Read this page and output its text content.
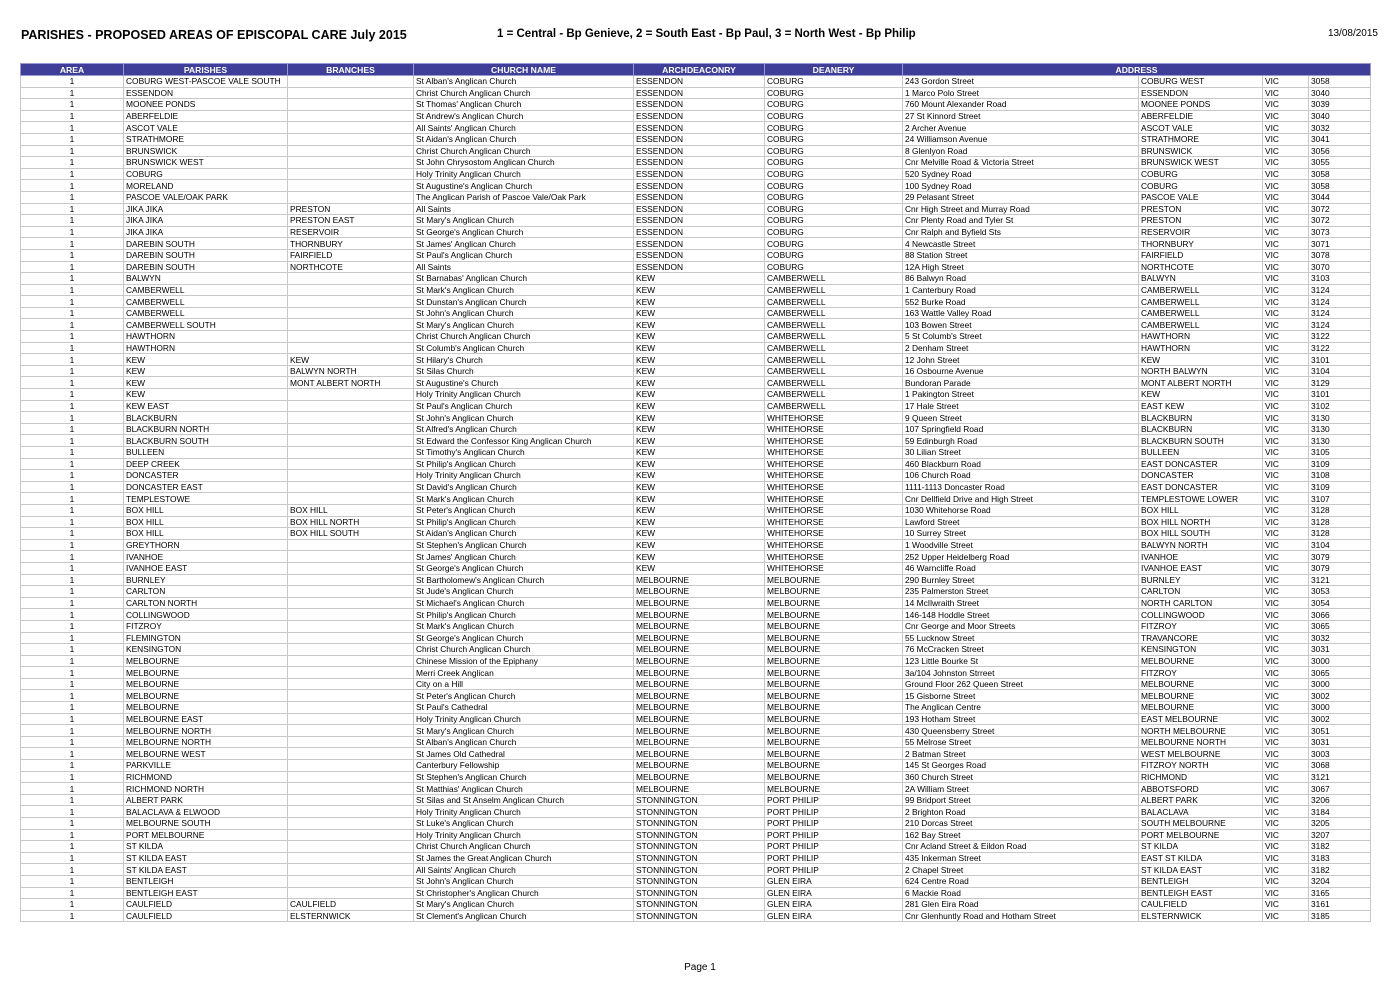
PARISHES - PROPOSED AREAS OF EPISCOPAL CARE July 2015	1 = Central - Bp Genieve, 2 = South East - Bp Paul, 3 = North West - Bp Philip	13/08/2015
AREA	PARISHES	BRANCHES	CHURCH NAME	ARCHDEACONRY	DEANERY	ADDRESS			
1	COBURG WEST-PASCOE VALE SOUTH		St Alban's Anglican Church	ESSENDON	COBURG	243 Gordon Street	COBURG WEST	VIC	3058
1	ESSENDON		Christ Church Anglican Church	ESSENDON	COBURG	1 Marco Polo Street	ESSENDON	VIC	3040
1	MOONEE PONDS		St Thomas' Anglican Church	ESSENDON	COBURG	760 Mount Alexander Road	MOONEE PONDS	VIC	3039
1	ABERFELDIE		St Andrew's Anglican Church	ESSENDON	COBURG	27 St Kinnord Street	ABERFELDIE	VIC	3040
1	ASCOT VALE		All Saints' Anglican Church	ESSENDON	COBURG	2 Archer Avenue	ASCOT VALE	VIC	3032
1	STRATHMORE		St Aidan's Anglican Church	ESSENDON	COBURG	24 Williamson Avenue	STRATHMORE	VIC	3041
1	BRUNSWICK		Christ Church Anglican Church	ESSENDON	COBURG	8 Glenlyon Road	BRUNSWICK	VIC	3056
1	BRUNSWICK WEST		St John Chrysostom Anglican Church	ESSENDON	COBURG	Cnr Melville Road & Victoria Street	BRUNSWICK WEST	VIC	3055
1	COBURG		Holy Trinity Anglican Church	ESSENDON	COBURG	520 Sydney Road	COBURG	VIC	3058
1	MORELAND		St Augustine's Anglican Church	ESSENDON	COBURG	100 Sydney Road	COBURG	VIC	3058
1	PASCOE VALE/OAK PARK		The Anglican Parish of Pascoe Vale/Oak Park	ESSENDON	COBURG	29 Pelasant Street	PASCOE VALE	VIC	3044
1	JIKA JIKA	PRESTON	All Saints	ESSENDON	COBURG	Cnr High Street and Murray Road	PRESTON	VIC	3072
1	JIKA JIKA	PRESTON EAST	St Mary's Anglican Church	ESSENDON	COBURG	Cnr Plenty Road and Tyler St	PRESTON	VIC	3072
1	JIKA JIKA	RESERVOIR	St George's Anglican Church	ESSENDON	COBURG	Cnr Ralph and Byfield Sts	RESERVOIR	VIC	3073
1	DAREBIN SOUTH	THORNBURY	St James' Anglican Church	ESSENDON	COBURG	4 Newcastle Street	THORNBURY	VIC	3071
1	DAREBIN SOUTH	FAIRFIELD	St Paul's Anglican Church	ESSENDON	COBURG	88 Station Street	FAIRFIELD	VIC	3078
1	DAREBIN SOUTH	NORTHCOTE	All Saints	ESSENDON	COBURG	12A High Street	NORTHCOTE	VIC	3070
1	BALWYN		St Barnabas' Anglican Church	KEW	CAMBERWELL	86 Balwyn Road	BALWYN	VIC	3103
1	CAMBERWELL		St Mark's Anglican Church	KEW	CAMBERWELL	1 Canterbury Road	CAMBERWELL	VIC	3124
1	CAMBERWELL		St Dunstan's Anglican Church	KEW	CAMBERWELL	552 Burke Road	CAMBERWELL	VIC	3124
1	CAMBERWELL		St John's Anglican Church	KEW	CAMBERWELL	163 Wattle Valley Road	CAMBERWELL	VIC	3124
1	CAMBERWELL SOUTH		St Mary's Anglican Church	KEW	CAMBERWELL	103 Bowen Street	CAMBERWELL	VIC	3124
1	HAWTHORN		Christ Church Anglican Church	KEW	CAMBERWELL	5 St Columb's Street	HAWTHORN	VIC	3122
1	HAWTHORN		St Columb's Anglican Church	KEW	CAMBERWELL	2 Denham Street	HAWTHORN	VIC	3122
1	KEW	KEW	St Hilary's Church	KEW	CAMBERWELL	12 John Street	KEW	VIC	3101
1	KEW	BALWYN NORTH	St Silas Church	KEW	CAMBERWELL	16 Osbourne Avenue	NORTH BALWYN	VIC	3104
1	KEW	MONT ALBERT NORTH	St Augustine's Church	KEW	CAMBERWELL	Bundoran Parade	MONT ALBERT NORTH	VIC	3129
1	KEW		Holy Trinity Anglican Church	KEW	CAMBERWELL	1 Pakington Street	KEW	VIC	3101
1	KEW EAST		St Paul's Anglican Church	KEW	CAMBERWELL	17 Hale Street	EAST KEW	VIC	3102
1	BLACKBURN		St John's Anglican Church	KEW	WHITEHORSE	9 Queen Street	BLACKBURN	VIC	3130
1	BLACKBURN NORTH		St Alfred's Anglican Church	KEW	WHITEHORSE	107 Springfield Road	BLACKBURN	VIC	3130
1	BLACKBURN SOUTH		St Edward the Confessor King Anglican Church	KEW	WHITEHORSE	59 Edinburgh Road	BLACKBURN SOUTH	VIC	3130
1	BULLEEN		St Timothy's Anglican Church	KEW	WHITEHORSE	30 Lilian Street	BULLEEN	VIC	3105
1	DEEP CREEK		St Philip's Anglican Church	KEW	WHITEHORSE	460 Blackburn Road	EAST DONCASTER	VIC	3109
1	DONCASTER		Holy Trinity Anglican Church	KEW	WHITEHORSE	106 Church Road	DONCASTER	VIC	3108
1	DONCASTER EAST		St David's Anglican Church	KEW	WHITEHORSE	1111-1113 Doncaster Road	EAST DONCASTER	VIC	3109
1	TEMPLESTOWE		St Mark's Anglican Church	KEW	WHITEHORSE	Cnr Dellfield Drive and High Street	TEMPLESTOWE LOWER	VIC	3107
1	BOX HILL	BOX HILL	St Peter's Anglican Church	KEW	WHITEHORSE	1030 Whitehorse Road	BOX HILL	VIC	3128
1	BOX HILL	BOX HILL NORTH	St Philip's Anglican Church	KEW	WHITEHORSE	Lawford Street	BOX HILL NORTH	VIC	3128
1	BOX HILL	BOX HILL SOUTH	St Aidan's Anglican Church	KEW	WHITEHORSE	10 Surrey Street	BOX HILL SOUTH	VIC	3128
1	GREYTHORN		St Stephen's Anglican Church	KEW	WHITEHORSE	1 Woodville Street	BALWYN NORTH	VIC	3104
1	IVANHOE		St James' Anglican Church	KEW	WHITEHORSE	252 Upper Heidelberg Road	IVANHOE	VIC	3079
1	IVANHOE EAST		St George's Anglican Church	KEW	WHITEHORSE	46 Warncliffe Road	IVANHOE EAST	VIC	3079
1	BURNLEY		St Bartholomew's Anglican Church	MELBOURNE	MELBOURNE	290 Burnley Street	BURNLEY	VIC	3121
1	CARLTON		St Jude's Anglican Church	MELBOURNE	MELBOURNE	235 Palmerston Street	CARLTON	VIC	3053
1	CARLTON NORTH		St Michael's Anglican Church	MELBOURNE	MELBOURNE	14 McIlwraith Street	NORTH CARLTON	VIC	3054
1	COLLINGWOOD		St Philip's Anglican Church	MELBOURNE	MELBOURNE	146-148 Hoddle Street	COLLINGWOOD	VIC	3066
1	FITZROY		St Mark's Anglican Church	MELBOURNE	MELBOURNE	Cnr George and Moor Streets	FITZROY	VIC	3065
1	FLEMINGTON		St George's Anglican Church	MELBOURNE	MELBOURNE	55 Lucknow Street	TRAVANCORE	VIC	3032
1	KENSINGTON		Christ Church Anglican Church	MELBOURNE	MELBOURNE	76 McCracken Street	KENSINGTON	VIC	3031
1	MELBOURNE		Chinese Mission of the Epiphany	MELBOURNE	MELBOURNE	123 Little Bourke St	MELBOURNE	VIC	3000
1	MELBOURNE		Merri Creek Anglican	MELBOURNE	MELBOURNE	3a/104 Johnston Strreet	FITZROY	VIC	3065
1	MELBOURNE		City on a Hill	MELBOURNE	MELBOURNE	Ground Floor 262 Queen Street	MELBOURNE	VIC	3000
1	MELBOURNE		St Peter's Anglican Church	MELBOURNE	MELBOURNE	15 Gisborne Street	MELBOURNE	VIC	3002
1	MELBOURNE		St Paul's Cathedral	MELBOURNE	MELBOURNE	The Anglican Centre	MELBOURNE	VIC	3000
1	MELBOURNE EAST		Holy Trinity Anglican Church	MELBOURNE	MELBOURNE	193 Hotham Street	EAST MELBOURNE	VIC	3002
1	MELBOURNE NORTH		St Mary's Anglican Church	MELBOURNE	MELBOURNE	430 Queensberry Street	NORTH MELBOURNE	VIC	3051
1	MELBOURNE NORTH		St Alban's Anglican Church	MELBOURNE	MELBOURNE	55 Melrose Street	MELBOURNE NORTH	VIC	3031
1	MELBOURNE WEST		St James Old Cathedral	MELBOURNE	MELBOURNE	2 Batman Street	WEST MELBOURNE	VIC	3003
1	PARKVILLE		Canterbury Fellowship	MELBOURNE	MELBOURNE	145 St Georges Road	FITZROY NORTH	VIC	3068
1	RICHMOND		St Stephen's Anglican Church	MELBOURNE	MELBOURNE	360 Church Street	RICHMOND	VIC	3121
1	RICHMOND NORTH		St Matthias' Anglican Church	MELBOURNE	MELBOURNE	2A William Street	ABBOTSFORD	VIC	3067
1	ALBERT PARK		St Silas and St Anselm Anglican Church	STONNINGTON	PORT PHILIP	99 Bridport Street	ALBERT PARK	VIC	3206
1	BALACLAVA & ELWOOD		Holy Trinity Anglican Church	STONNINGTON	PORT PHILIP	2 Brighton Road	BALACLAVA	VIC	3184
1	MELBOURNE SOUTH		St Luke's Anglican Church	STONNINGTON	PORT PHILIP	210 Dorcas Street	SOUTH MELBOURNE	VIC	3205
1	PORT MELBOURNE		Holy Trinity Anglican Church	STONNINGTON	PORT PHILIP	162 Bay Street	PORT MELBOURNE	VIC	3207
1	ST KILDA		Christ Church Anglican Church	STONNINGTON	PORT PHILIP	Cnr Acland Street & Eildon Road	ST KILDA	VIC	3182
1	ST KILDA EAST		St James the Great Anglican Church	STONNINGTON	PORT PHILIP	435 Inkerman Street	EAST ST KILDA	VIC	3183
1	ST KILDA EAST		All Saints' Anglican Church	STONNINGTON	PORT PHILIP	2 Chapel Street	ST KILDA EAST	VIC	3182
1	BENTLEIGH		St John's Anglican Church	STONNINGTON	GLEN EIRA	624 Centre Road	BENTLEIGH	VIC	3204
1	BENTLEIGH EAST		St Christopher's Anglican Church	STONNINGTON	GLEN EIRA	6 Mackie Road	BENTLEIGH EAST	VIC	3165
1	CAULFIELD	CAULFIELD	St Mary's Anglican Church	STONNINGTON	GLEN EIRA	281 Glen Eira Road	CAULFIELD	VIC	3161
1	CAULFIELD	ELSTERNWICK	St Clement's Anglican Church	STONNINGTON	GLEN EIRA	Cnr Glenhuntly Road and Hotham Street	ELSTERNWICK	VIC	3185
Page 1
